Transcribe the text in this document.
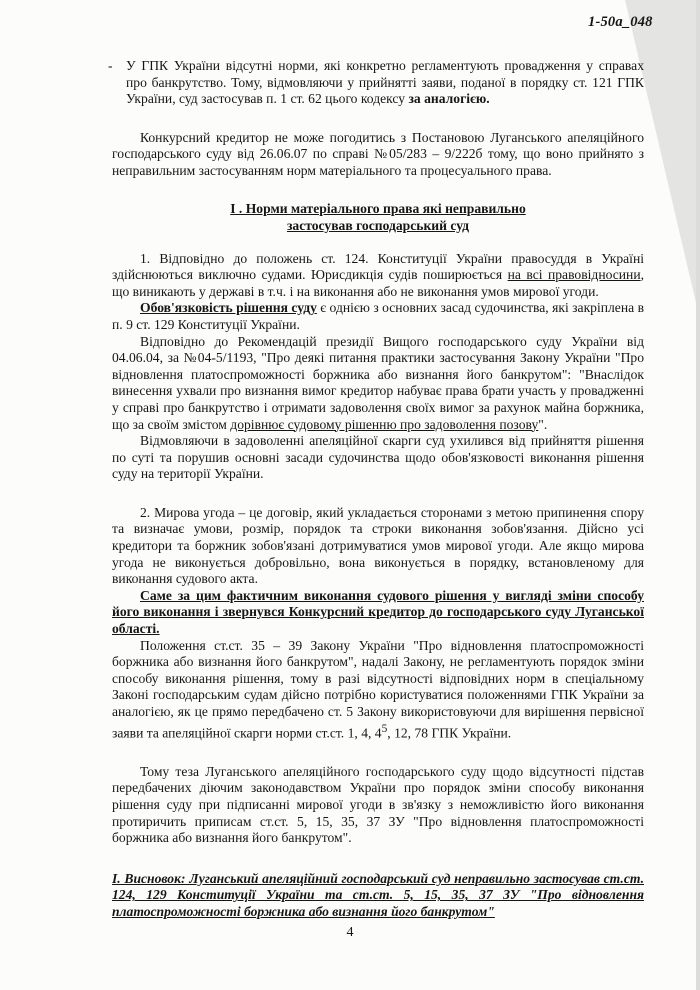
1-50a_048

- У ГПК України відсутні норми, які конкретно регламентують провадження у справах про банкрутство. Тому, відмовляючи у прийнятті заяви, поданої в порядку ст. 121 ГПК України, суд застосував п. 1 ст. 62 цього кодексу за аналогією.

Конкурсний кредитор не може погодитись з Постановою Луганського апеляційного господарського суду від 26.06.07 по справі №05/283 – 9/222б тому, що воно прийнято з неправильним застосуванням норм матеріального та процесуального права.

І . Норми матеріального права які неправильно
застосував господарський суд

1. Відповідно до положень ст. 124. Конституції України правосуддя в Україні здійснюються виключно судами. Юрисдикція судів поширюється на всі правовідносини, що виникають у державі в т.ч. і на виконання або не виконання умов мирової угоди.

Обов'язковість рішення суду є однією з основних засад судочинства, які закріплена в п. 9 ст. 129 Конституції України.

Відповідно до Рекомендацій президії Вищого господарського суду України від 04.06.04, за №04-5/1193, "Про деякі питання практики застосування Закону України "Про відновлення платоспроможності боржника або визнання його банкрутом": "Внаслідок винесення ухвали про визнання вимог кредитор набуває права брати участь у провадженні у справі про банкрутство і отримати задоволення своїх вимог за рахунок майна боржника, що за своїм змістом дорівнює судовому рішенню про задоволення позову".

Відмовляючи в задоволенні апеляційної скарги суд ухилився від прийняття рішення по суті та порушив основні засади судочинства щодо обов'язковості виконання рішення суду на території України.

2. Мирова угода – це договір, який укладається сторонами з метою припинення спору та визначає умови, розмір, порядок та строки виконання зобов'язання. Дійсно усі кредитори та боржник зобов'язані дотримуватися умов мирової угоди. Але якщо мирова угода не виконується добровільно, вона виконується в порядку, встановленому для виконання судового акта.

Саме за цим фактичним виконання судового рішення у вигляді зміни способу його виконання і звернувся Конкурсний кредитор до господарського суду Луганської області.

Положення ст.ст. 35 – 39 Закону України "Про відновлення платоспроможності боржника або визнання його банкрутом", надалі Закону, не регламентують порядок зміни способу виконання рішення, тому в разі відсутності відповідних норм в спеціальному Законі господарським судам дійсно потрібно користуватися положеннями ГПК України за аналогією, як це прямо передбачено ст. 5 Закону використовуючи для вирішення первісної заяви та апеляційної скарги норми ст.ст. 1, 4, $4^5$, 12, 78 ГПК України.

Тому теза Луганського апеляційного господарського суду щодо відсутності підстав передбачених діючим законодавством України про порядок зміни способу виконання рішення суду при підписанні мирової угоди в зв'язку з неможливістю його виконання протиричить приписам ст.ст. 5, 15, 35, 37 ЗУ "Про відновлення платоспроможності боржника або визнання його банкрутом".

І. Висновок: Луганський апеляційний господарський суд неправильно застосував ст.ст. 124, 129 Конституції України та ст.ст. 5, 15, 35, 37 ЗУ "Про відновлення платоспроможності боржника або визнання його банкрутом"

4
